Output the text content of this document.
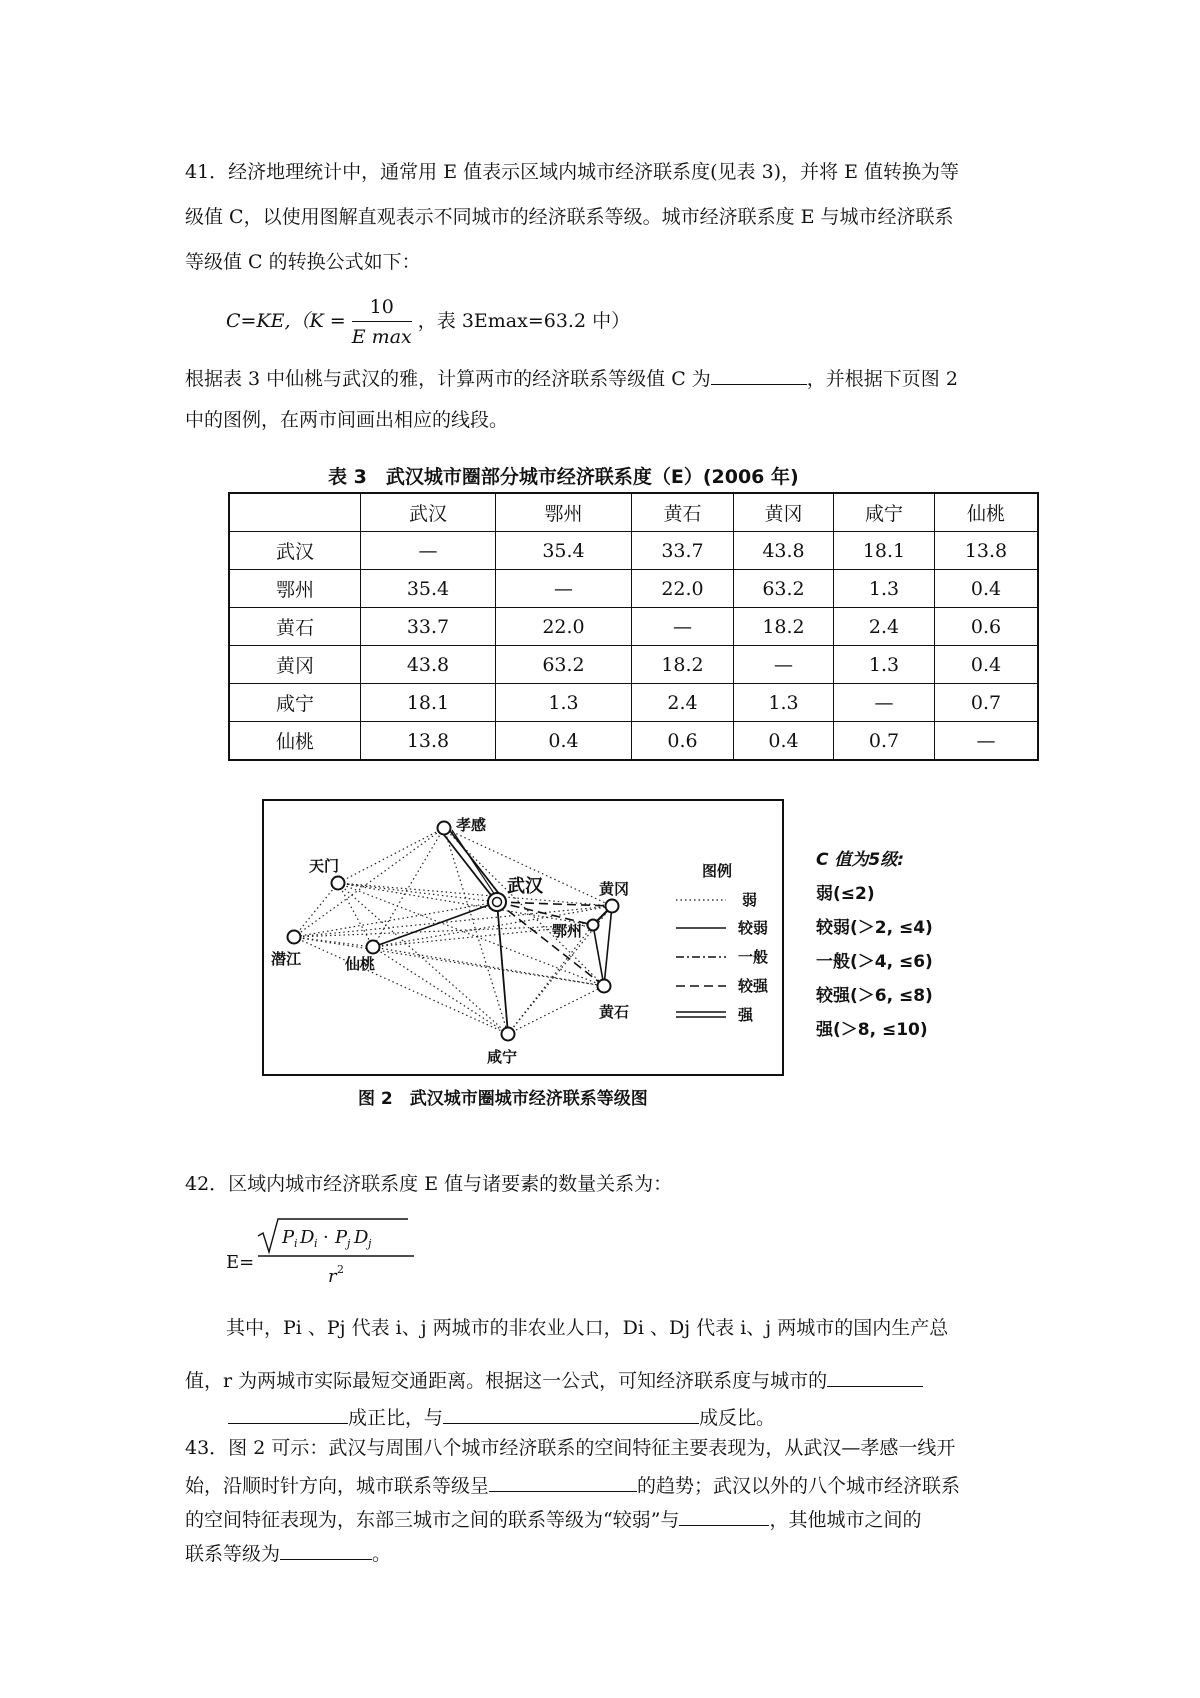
41．经济地理统计中，通常用 E 值表示区域内城市经济联系度(见表 3)，并将 E 值转换为等
级值 C，以使用图解直观表示不同城市的经济联系等级。城市经济联系度 E 与城市经济联系
等级值 C 的转换公式如下：
$C=KE,(K = \frac{10}{\text{E max}}$ ，表 3Emax=63.2 中）
根据表 3 中仙桃与武汉的雅，计算两市的经济联系等级值 C 为	，并根据下页图 2
中的图例，在两市间画出相应的线段。
表 3　武汉城市圈部分城市经济联系度（E）(2006 年)
	武汉	鄂州	黄石	黄冈	咸宁	仙桃
武汉	—	35.4	33.7	43.8	18.1	13.8
鄂州	35.4	—	22.0	63.2	1.3	0.4
黄石	33.7	22.0	—	18.2	2.4	0.6
黄冈	43.8	63.2	18.2	—	1.3	0.4
咸宁	18.1	1.3	2.4	1.3	—	0.7
仙桃	13.8	0.4	0.6	0.4	0.7	—
孝感
天门
武汉	黄冈
鄂州
潜江	仙桃
黄石
咸宁
图例
弱
较弱
一般
较强
强
图 2　武汉城市圈城市经济联系等级图
C 值为5级:
弱(≤2)
较弱(＞2, ≤4)
一般(＞4, ≤6)
较强(＞6, ≤8)
强(＞8, ≤10)
42．区域内城市经济联系度 E 值与诸要素的数量关系为：
E=
P i D i · P j D j
r 2
其中，Pi 、Pj 代表 i、j 两城市的非农业人口，Di 、Dj 代表 i、j 两城市的国内生产总
值，r 为两城市实际最短交通距离。根据这一公式，可知经济联系度与城市的
成正比，与	成反比。
43．图 2 可示：武汉与周围八个城市经济联系的空间特征主要表现为，从武汉—孝感一线开
始，沿顺时针方向，城市联系等级呈	的趋势；武汉以外的八个城市经济联系
的空间特征表现为，东部三城市之间的联系等级为“较弱”与	，其他城市之间的
联系等级为	。
